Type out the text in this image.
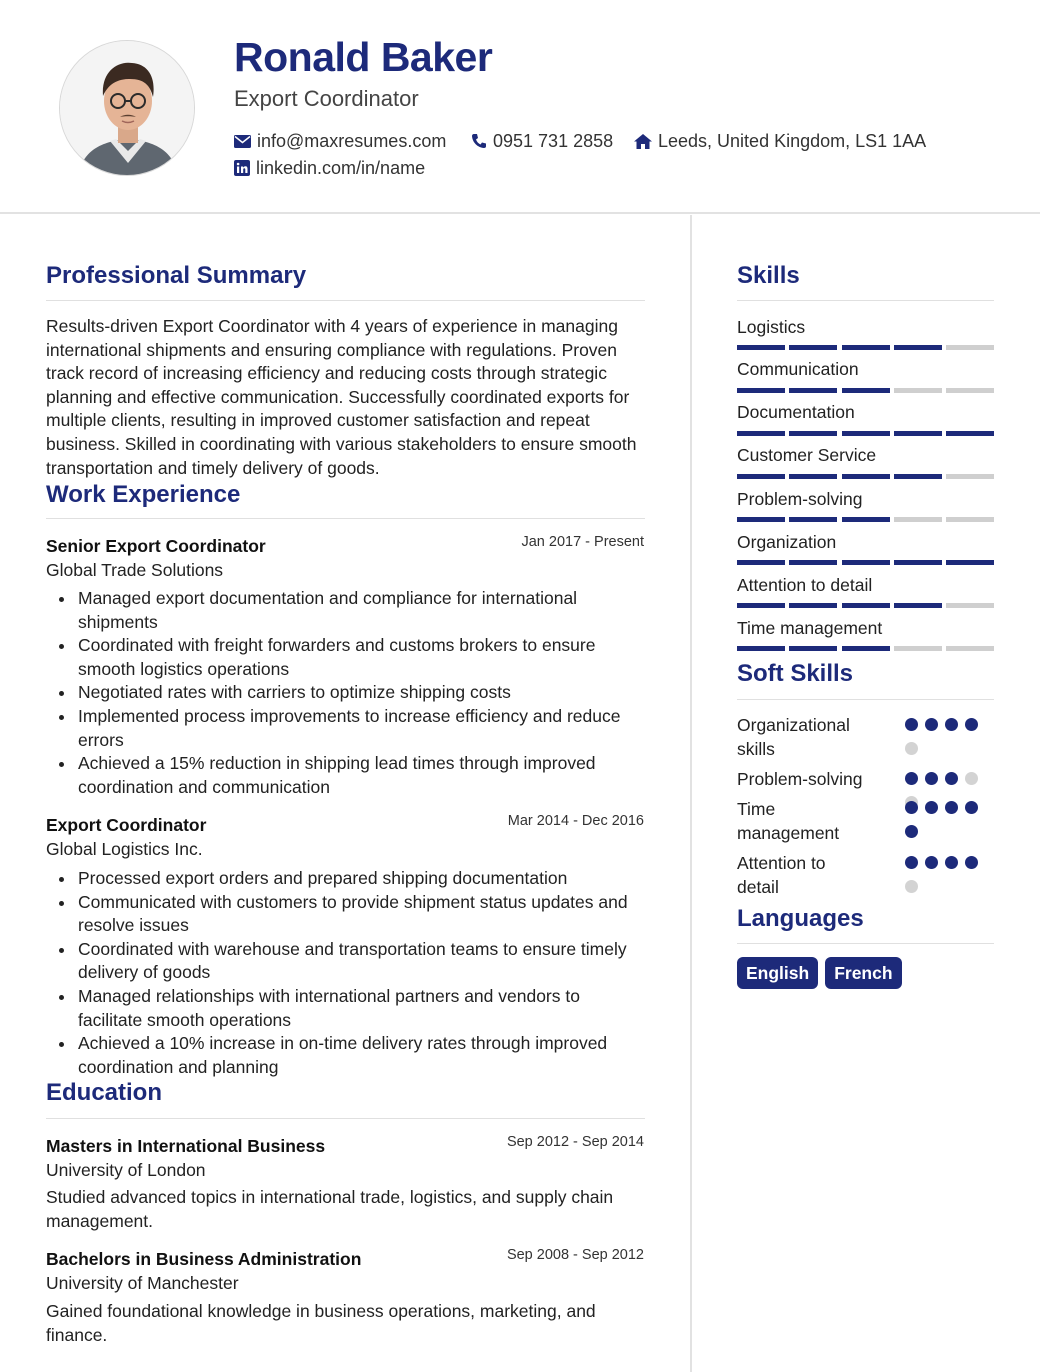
Ronald Baker
Export Coordinator
info@maxresumes.com	0951 731 2858 Leeds, United Kingdom, LS1 1AA
linkedin.com/in/name
Professional Summary
Results-driven Export Coordinator with 4 years of experience in managing international shipments and ensuring compliance with regulations. Proven track record of increasing efficiency and reducing costs through strategic planning and effective communication. Successfully coordinated exports for multiple clients, resulting in improved customer satisfaction and repeat business. Skilled in coordinating with various stakeholders to ensure smooth transportation and timely delivery of goods.
Work Experience
Senior Export Coordinator	Jan 2017 - Present
Global Trade Solutions
Managed export documentation and compliance for international shipments
Coordinated with freight forwarders and customs brokers to ensure smooth logistics operations
Negotiated rates with carriers to optimize shipping costs
Implemented process improvements to increase efficiency and reduce errors
Achieved a 15% reduction in shipping lead times through improved coordination and communication
Export Coordinator	Mar 2014 - Dec 2016
Global Logistics Inc.
Processed export orders and prepared shipping documentation
Communicated with customers to provide shipment status updates and resolve issues
Coordinated with warehouse and transportation teams to ensure timely delivery of goods
Managed relationships with international partners and vendors to facilitate smooth operations
Achieved a 10% increase in on-time delivery rates through improved coordination and planning
Education
Masters in International Business	Sep 2012 - Sep 2014
University of London
Studied advanced topics in international trade, logistics, and supply chain management.
Bachelors in Business Administration	Sep 2008 - Sep 2012
University of Manchester
Gained foundational knowledge in business operations, marketing, and finance.
Skills
Logistics
Communication
Documentation
Customer Service
Problem-solving
Organization
Attention to detail
Time management
Soft Skills
Organizational skills
Problem-solving
Time management
Attention to detail
Languages
English	French
